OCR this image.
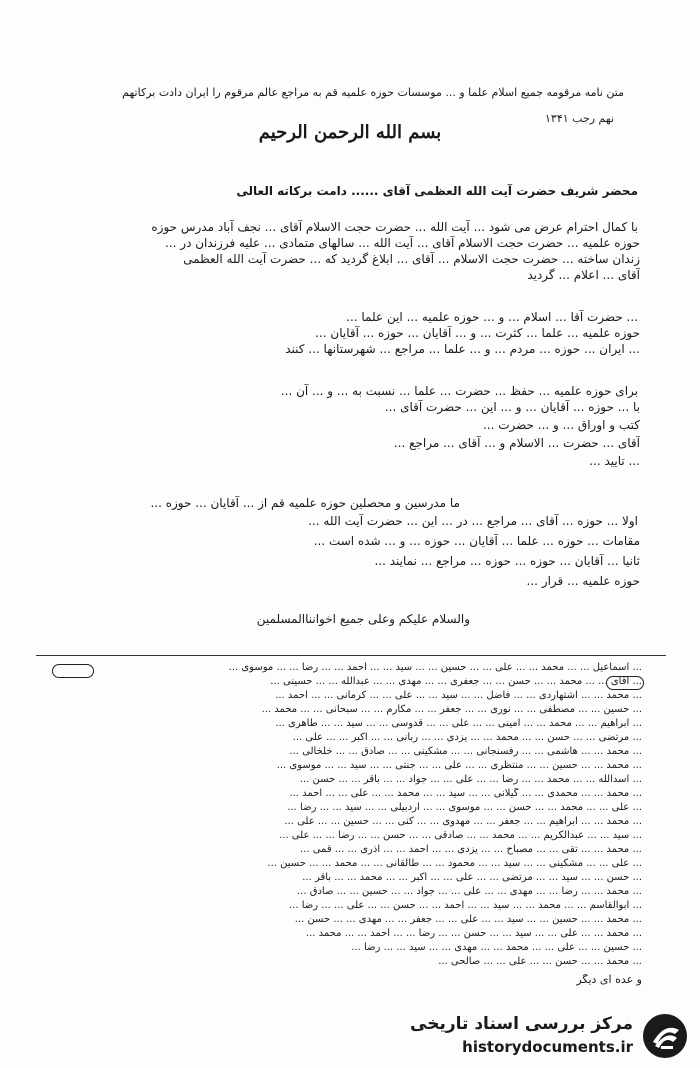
متن نامه مرقومه جمیع اسلام علما و ... موسسات حوزه علمیه قم به مراجع عالم مرقوم را ایران دادت برکاتهم
نهم رجب ۱۳۴۱
بسم الله الرحمن الرحیم
محضر شریف حضرت آیت الله العظمی آقای ...... دامت برکاته العالی
با کمال احترام عرض می شود ... آیت الله ... حضرت حجت الاسلام آقای ... نجف آباد مدرس حوزه
حوزه علمیه ... حضرت حجت الاسلام آقای ... آیت الله ... سالهای متمادی ... علیه فرزندان در ...
زندان ساخته ... حضرت حجت الاسلام ... آقای ... ابلاغ گردید که ... حضرت آیت الله العظمی
آقای ... اعلام ... گردید
... حضرت آقا ... اسلام ... و ... حوزه علمیه ... این علما ...
حوزه علمیه ... علما ... کثرت ... و ... آقایان ... حوزه ... آقایان ...
... ایران ... حوزه ... مردم ... و ... علما ... مراجع ... شهرستانها ... کنند
برای حوزه علمیه ... حفظ ... حضرت ... علما ... نسبت به ... و ... آن ...
با ... حوزه ... آقایان ... و ... این ... حضرت آقای ...
کتب و اوراق ... و ... حضرت ...
آقای ... حضرت ... الاسلام و ... آقای ... مراجع ...
... تایید ...
ما مدرسین و محصلین حوزه علمیه قم از ... آقایان ... حوزه ...
اولا ... حوزه ... آقای ... مراجع ... در ... این ... حضرت آیت الله ...
مقامات ... حوزه ... علما ... آقایان ... حوزه ... و ... شده است ...
ثانیا ... آقایان ... حوزه ... حوزه ... مراجع ... نمایند ...
حوزه علمیه ... قرار ...
والسلام علیکم وعلی جمیع اخوانناالمسلمین
... اسماعیل ... ... محمد ... ... علی ... ... حسین ... ... سید ... ... احمد ... ... رضا ... ... موسوی ...
... آقای ... ... محمد ... ... حسن ... ... جعفری ... ... مهدی ... ... عبدالله ... ... حسینی ...
... محمد ... ... اشتهاردی ... ... فاضل ... ... سید ... ... علی ... ... کرمانی ... ... احمد ...
... حسین ... ... مصطفی ... ... نوری ... ... جعفر ... ... مکارم ... ... سبحانی ... ... محمد ...
... ابراهیم ... ... محمد ... ... امینی ... ... علی ... ... قدوسی ... ... سید ... ... طاهری ...
... مرتضی ... ... حسن ... ... محمد ... ... یزدی ... ... ربانی ... ... اکبر ... ... علی ...
... محمد ... ... هاشمی ... ... رفسنجانی ... ... مشکینی ... ... صادق ... ... خلخالی ...
... محمد ... ... حسین ... ... منتظری ... ... علی ... ... جنتی ... ... سید ... ... موسوی ...
... اسدالله ... ... محمد ... ... رضا ... ... علی ... ... جواد ... ... باقر ... ... حسن ...
... محمد ... ... محمدی ... ... گیلانی ... ... سید ... ... محمد ... ... علی ... ... احمد ...
... علی ... ... محمد ... ... حسن ... ... موسوی ... ... اردبیلی ... ... سید ... ... رضا ...
... محمد ... ... ابراهیم ... ... جعفر ... ... مهدوی ... ... کنی ... ... حسین ... ... علی ...
... سید ... ... عبدالکریم ... ... محمد ... ... صادقی ... ... حسن ... ... رضا ... ... علی ...
... محمد ... ... تقی ... ... مصباح ... ... یزدی ... ... احمد ... ... آذری ... ... قمی ...
... علی ... ... مشکینی ... ... سید ... ... محمود ... ... طالقانی ... ... محمد ... ... حسین ...
... حسن ... ... سید ... ... مرتضی ... ... علی ... ... اکبر ... ... محمد ... ... باقر ...
... محمد ... ... رضا ... ... مهدی ... ... علی ... ... جواد ... ... حسین ... ... صادق ...
... ابوالقاسم ... ... محمد ... ... سید ... ... احمد ... ... حسن ... ... علی ... ... رضا ...
... محمد ... ... حسین ... ... سید ... ... علی ... ... جعفر ... ... مهدی ... ... حسن ...
... محمد ... ... علی ... ... سید ... ... حسن ... ... رضا ... ... احمد ... ... محمد ...
... حسین ... ... علی ... ... محمد ... ... مهدی ... ... سید ... ... رضا ...
... محمد ... ... حسن ... ... علی ... ... صالحی ...
و عده ای دیگر
مرکز بررسی اسناد تاریخی
historydocuments.ir
